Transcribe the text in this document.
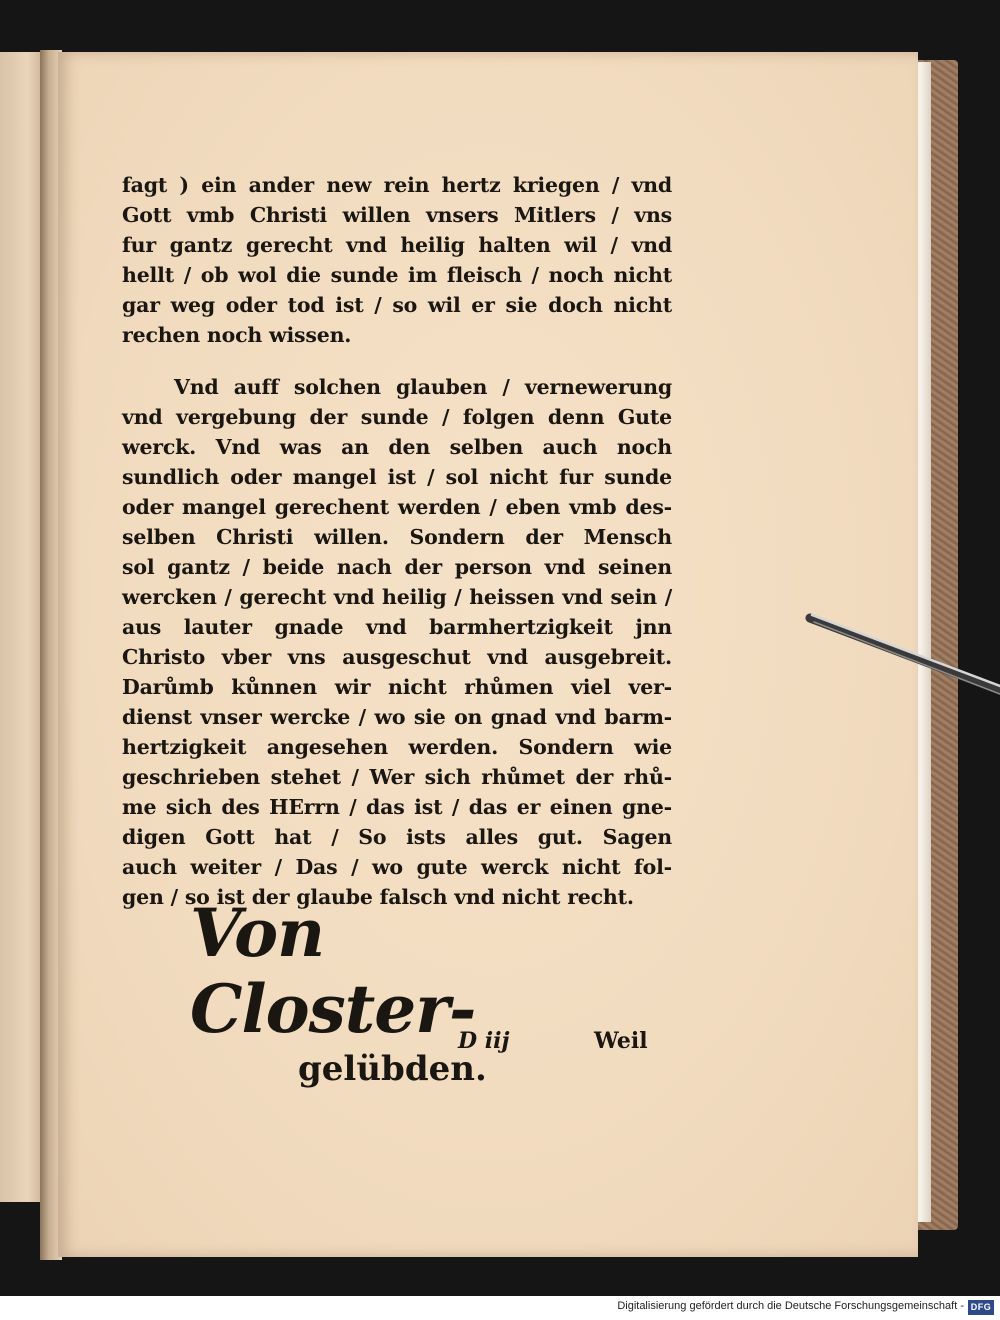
fagt ) ein ander new rein hertz kriegen / vnd
Gott vmb Christi willen vnsers Mitlers / vns
fur gantz gerecht vnd heilig halten wil / vnd
hellt / ob wol die sunde im fleisch / noch nicht
gar weg oder tod ist / so wil er sie doch nicht
rechen noch wissen.
Vnd auff solchen glauben / vernewerung
vnd vergebung der sunde / folgen denn Gute
werck. Vnd was an den selben auch noch
sundlich oder mangel ist / sol nicht fur sunde
oder mangel gerechent werden / eben vmb des-
selben Christi willen. Sondern der Mensch
sol gantz / beide nach der person vnd seinen
wercken / gerecht vnd heilig / heissen vnd sein /
aus lauter gnade vnd barmhertzigkeit jnn
Christo vber vns ausgeschut vnd ausgebreit.
Darůmb kůnnen wir nicht rhůmen viel ver-
dienst vnser wercke / wo sie on gnad vnd barm-
hertzigkeit angesehen werden. Sondern wie
geschrieben stehet / Wer sich rhůmet der rhů-
me sich des HErrn / das ist / das er einen gne-
digen Gott hat / So ists alles gut. Sagen
auch weiter / Das / wo gute werck nicht fol-
gen / so ist der glaube falsch vnd nicht recht.
Von Closter-
gelübden.
D iij	Weil
Digitalisierung gefördert durch die Deutsche Forschungsgemeinschaft - DFG
